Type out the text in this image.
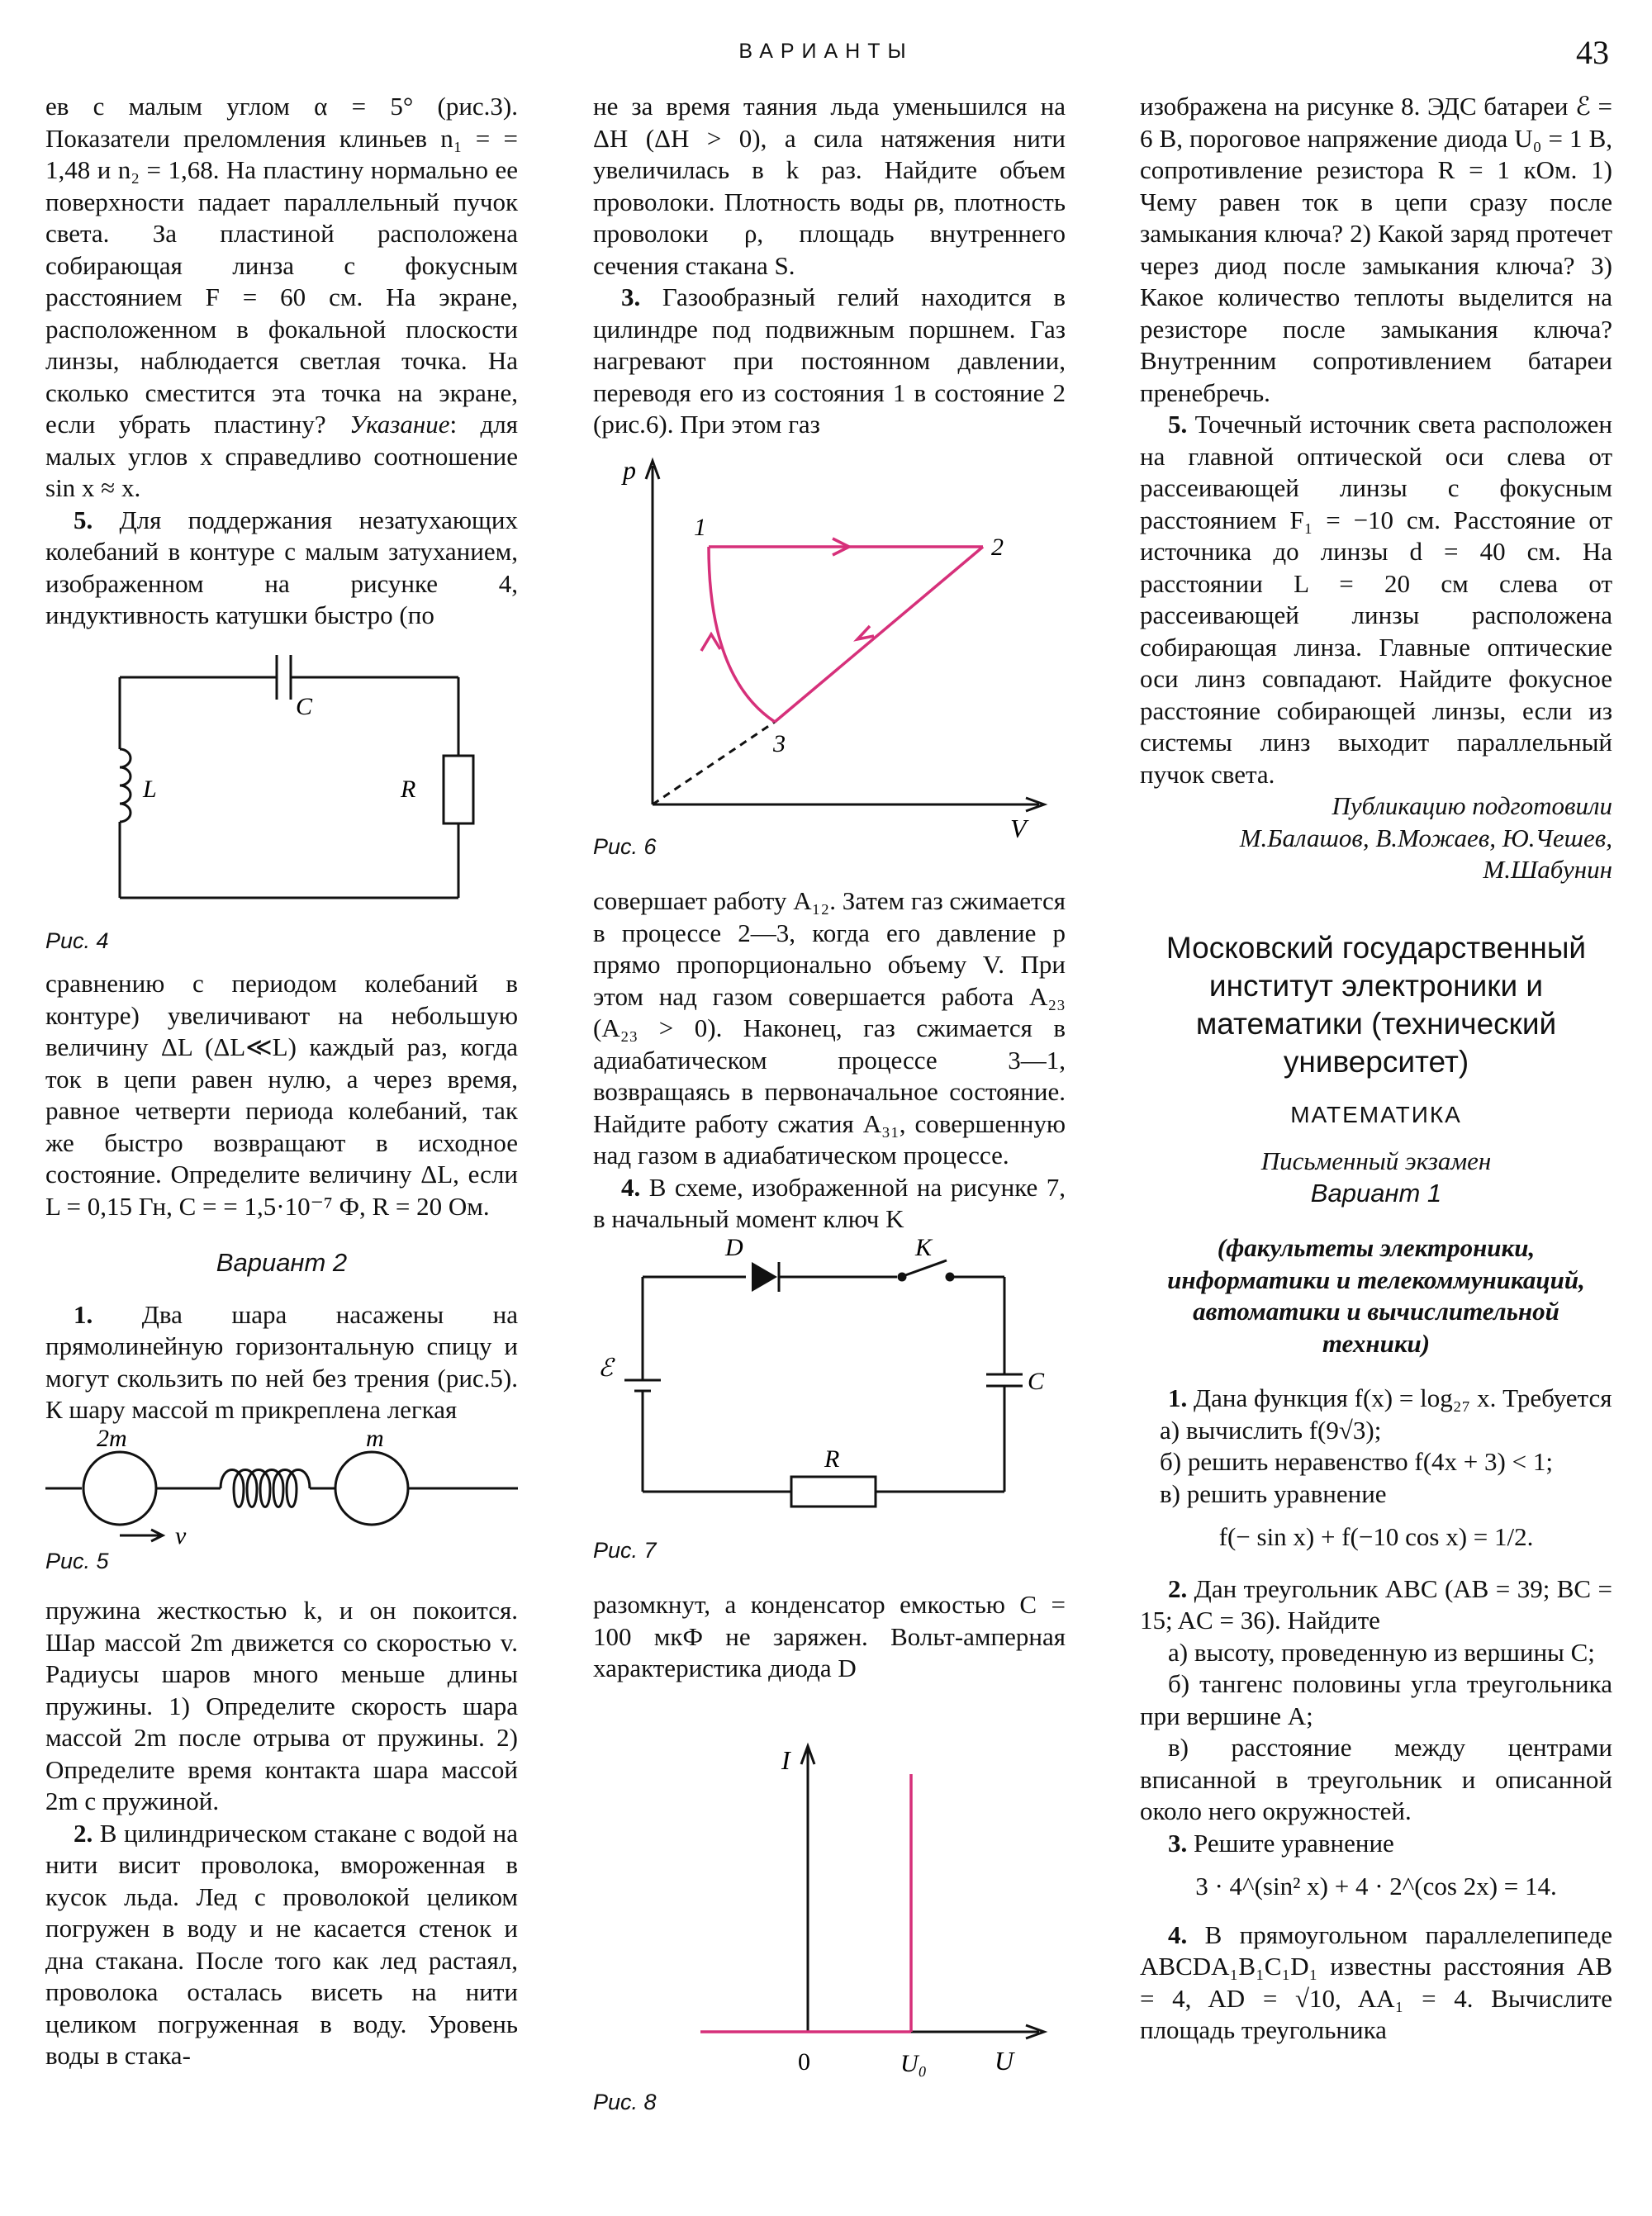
ВАРИАНТЫ	43

ев с малым углом α = 5° (рис.3). Показатели преломления клиньев n₁ = = 1,48 и n₂ = 1,68. На пластину нормально ее поверхности падает параллельный пучок света. За пластиной расположена собирающая линза с фокусным расстоянием F = 60 см. На экране, расположенном в фокальной плоскости линзы, наблюдается светлая точка. На сколько сместится эта точка на экране, если убрать пластину? Указание: для малых углов x справедливо соотношение sin x ≈ x.

5. Для поддержания незатухающих колебаний в контуре с малым затуханием, изображенном на рисунке 4, индуктивность катушки быстро (по

C
L	R

Рис. 4

сравнению с периодом колебаний в контуре) увеличивают на небольшую величину ΔL (ΔL≪L) каждый раз, когда ток в цепи равен нулю, а через время, равное четверти периода колебаний, так же быстро возвращают в исходное состояние. Определите величину ΔL, если L = 0,15 Гн, C = = 1,5·10⁻⁷ Ф, R = 20 Ом.

Вариант 2

1. Два шара насажены на прямолинейную горизонтальную спицу и могут скользить по ней без трения (рис.5). К шару массой m прикреплена легкая

2m	m
v

Рис. 5

пружина жесткостью k, и он покоится. Шар массой 2m движется со скоростью v. Радиусы шаров много меньше длины пружины. 1) Определите скорость шара массой 2m после отрыва от пружины. 2) Определите время контакта шара массой 2m с пружиной.

2. В цилиндрическом стакане с водой на нити висит проволока, вмороженная в кусок льда. Лед с проволокой целиком погружен в воду и не касается стенок и дна стакана. После того как лед растаял, проволока осталась висеть на нити целиком погруженная в воду. Уровень воды в стака-

не за время таяния льда уменьшился на ΔH (ΔH > 0), а сила натяжения нити увеличилась в k раз. Найдите объем проволоки. Плотность воды ρв, плотность проволоки ρ, площадь внутреннего сечения стакана S.

3. Газообразный гелий находится в цилиндре под подвижным поршнем. Газ нагревают при постоянном давлении, переводя его из состояния 1 в состояние 2 (рис.6). При этом газ

p
V
1
2
3

Рис. 6

совершает работу A₁₂. Затем газ сжимается в процессе 2—3, когда его давление p прямо пропорционально объему V. При этом над газом совершается работа A₂₃ (A₂₃ > 0). Наконец, газ сжимается в адиабатическом процессе 3—1, возвращаясь в первоначальное состояние. Найдите работу сжатия A₃₁, совершенную над газом в адиабатическом процессе.

4. В схеме, изображенной на рисунке 7, в начальный момент ключ K

D	K
ℰ	C
R

Рис. 7

разомкнут, а конденсатор емкостью C = 100 мкФ не заряжен. Вольт-амперная характеристика диода D

I
0	U₀	U

Рис. 8

изображена на рисунке 8. ЭДС батареи ℰ = 6 В, пороговое напряжение диода U₀ = 1 В, сопротивление резистора R = 1 кОм. 1) Чему равен ток в цепи сразу после замыкания ключа? 2) Какой заряд протечет через диод после замыкания ключа? 3) Какое количество теплоты выделится на резисторе после замыкания ключа? Внутренним сопротивлением батареи пренебречь.

5. Точечный источник света расположен на главной оптической оси слева от рассеивающей линзы с фокусным расстоянием F₁ = −10 см. Расстояние от источника до линзы d = 40 см. На расстоянии L = 20 см слева от рассеивающей линзы расположена собирающая линза. Главные оптические оси линз совпадают. Найдите фокусное расстояние собирающей линзы, если из системы линз выходит параллельный пучок света.

Публикацию подготовили
М.Балашов, В.Можаев, Ю.Чешев,
М.Шабунин

Московский государственный институт электроники и математики (технический университет)

МАТЕМАТИКА

Письменный экзамен

Вариант 1

(факультеты электроники, информатики и телекоммуникаций, автоматики и вычислительной техники)

1. Дана функция f(x) = log₂₇ x. Требуется

а) вычислить f(9√3);
б) решить неравенство f(4x + 3) < 1;
в) решить уравнение

f(− sin x) + f(−10 cos x) = 1/2.

2. Дан треугольник ABC (AB = 39; BC = 15; AC = 36). Найдите

а) высоту, проведенную из вершины C;

б) тангенс половины угла треугольника при вершине A;

в) расстояние между центрами вписанной в треугольник и описанной около него окружностей.

3. Решите уравнение

3 · 4^(sin² x) + 4 · 2^(cos 2x) = 14.

4. В прямоугольном параллелепипеде ABCDA₁B₁C₁D₁ известны расстояния AB = 4, AD = √10, AA₁ = 4. Вычислите площадь треугольника
